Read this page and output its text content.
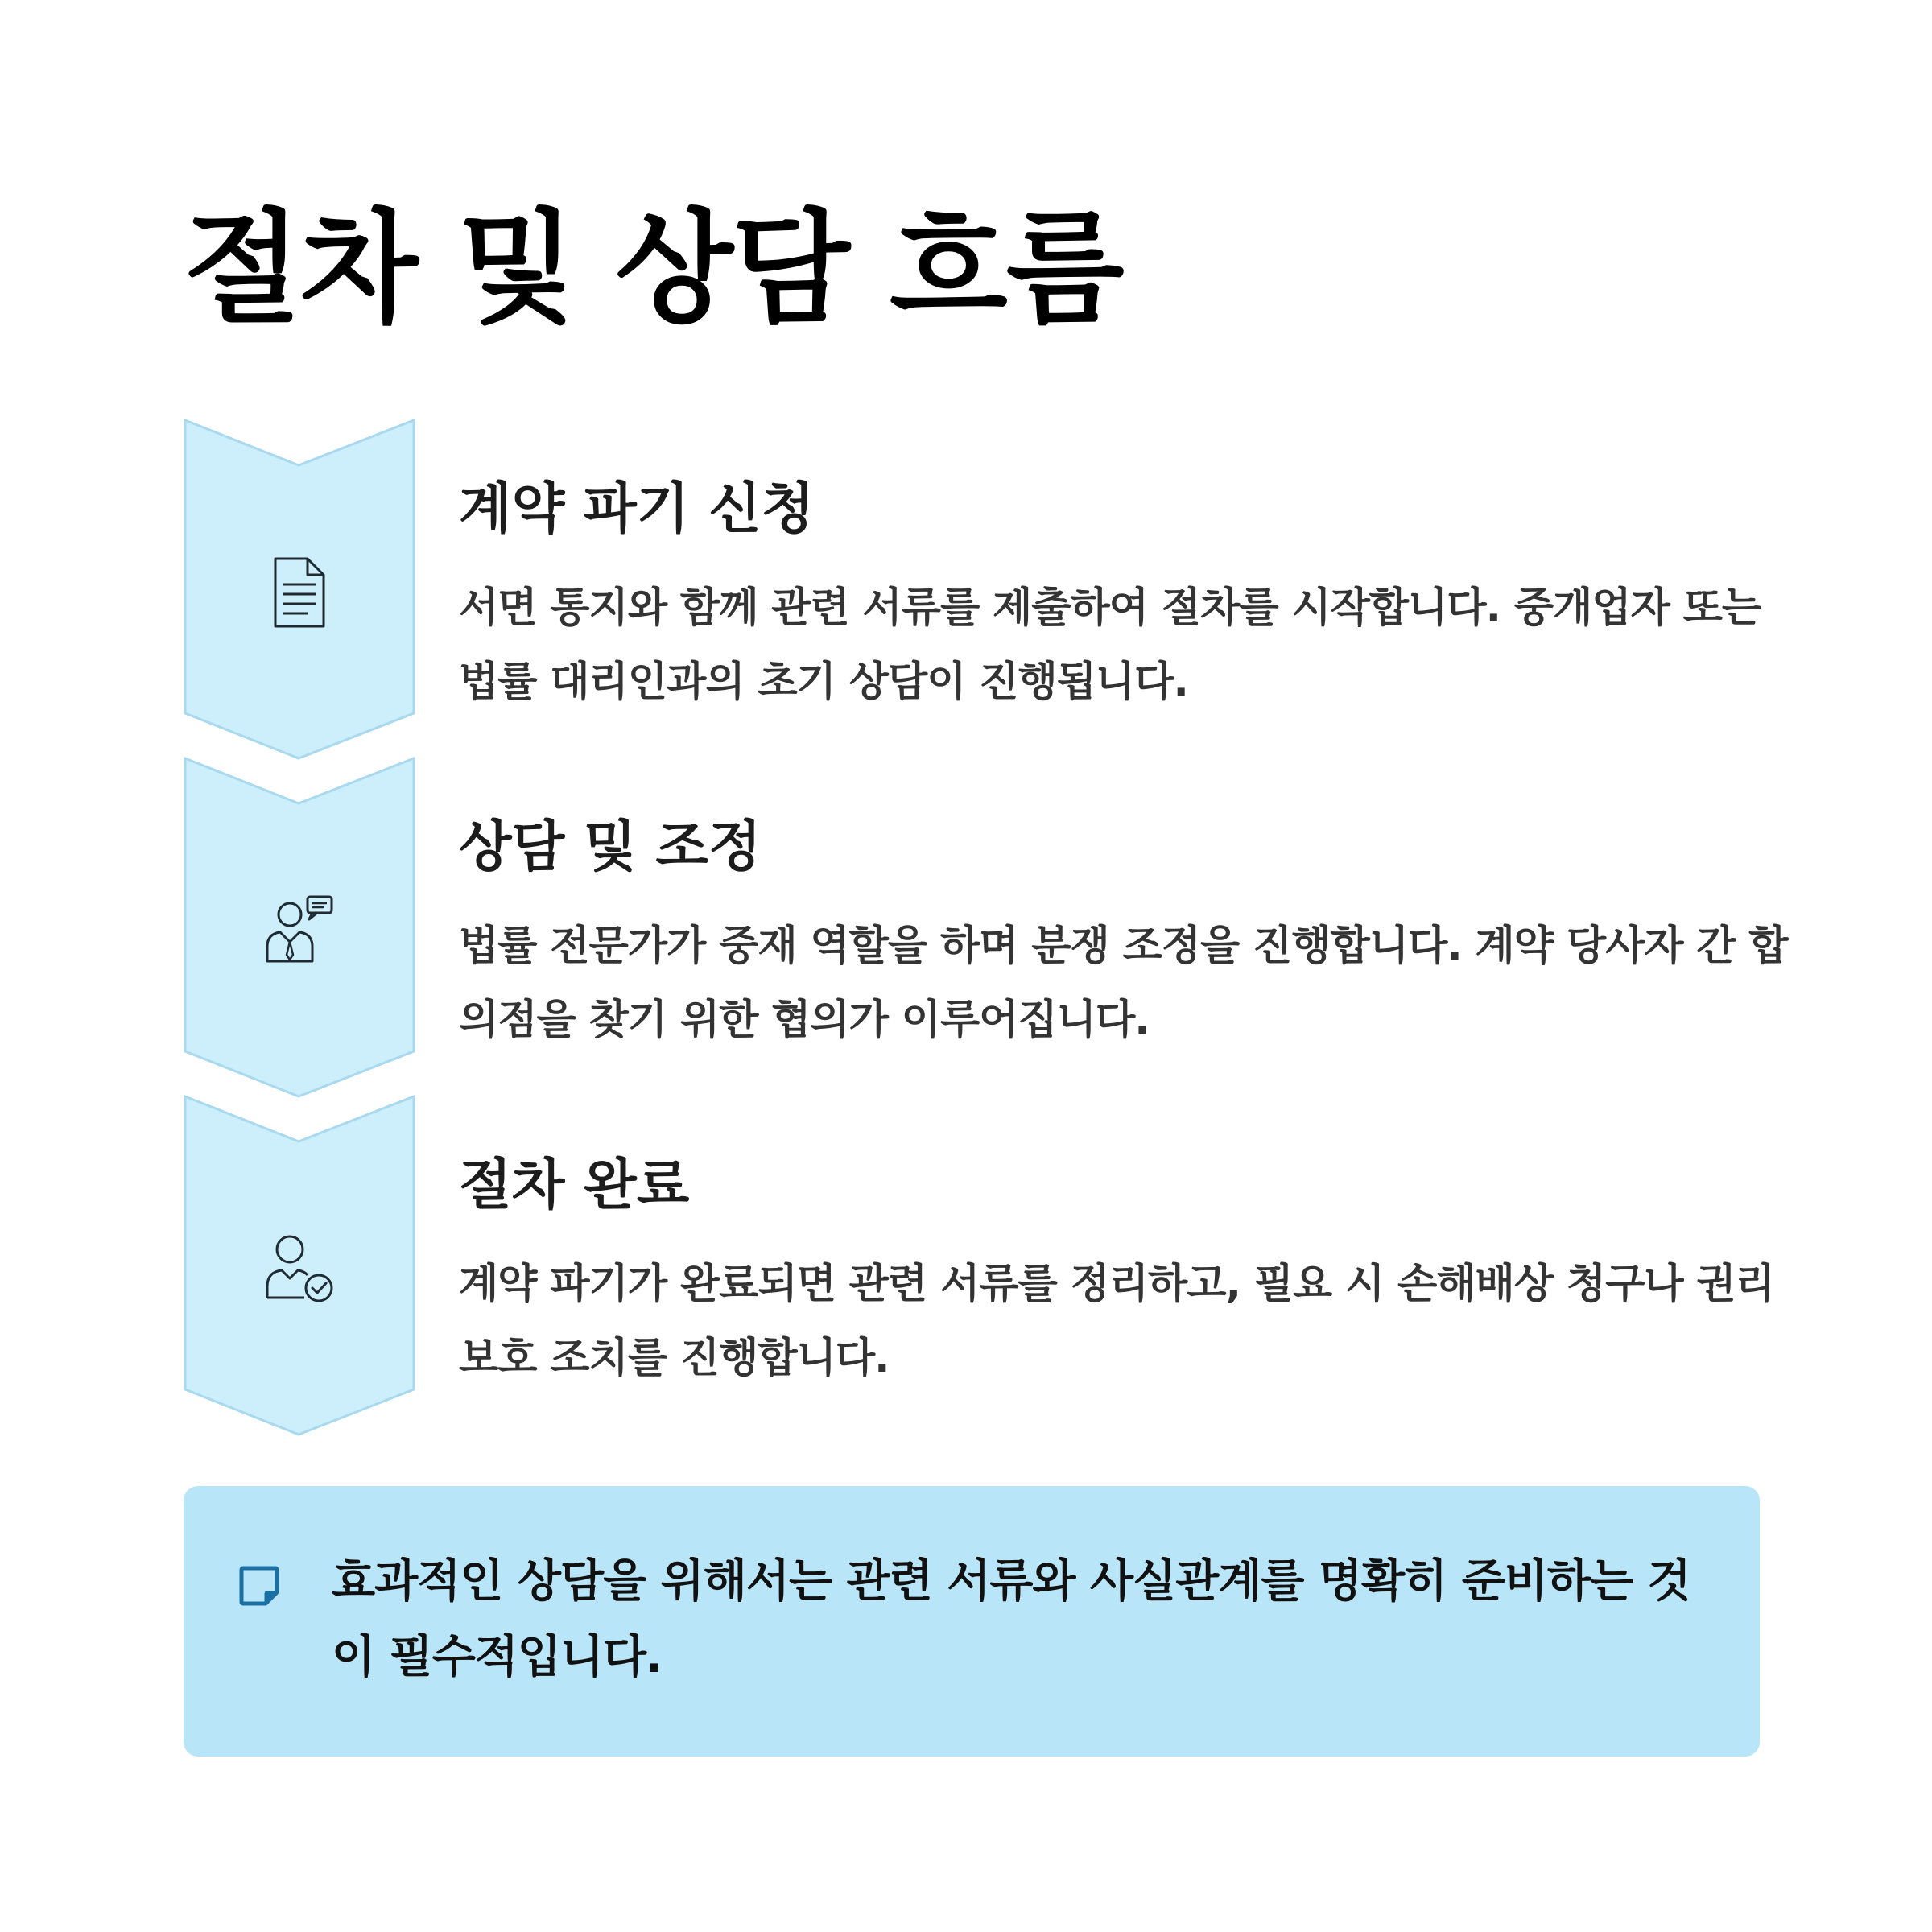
절차 및 상담 흐름
계약 파기 신청

서면 통지와 함께 관련 서류를 제출하여 절차를 시작합니다. 중개업자 또는 법률 대리인과의 초기 상담이 진행됩니다.

상담 및 조정

법률 전문가가 중재 역할을 하며 분쟁 조정을 진행합니다. 계약 당사자 간 합의점을 찾기 위한 협의가 이루어집니다.

절차 완료

계약 파기가 완료되면 관련 서류를 정리하고, 필요 시 손해배상 청구나 권리 보호 조치를 진행합니다.

효과적인 상담을 위해서는 관련 서류와 사실관계를 명확히 준비하는 것이 필수적입니다.
